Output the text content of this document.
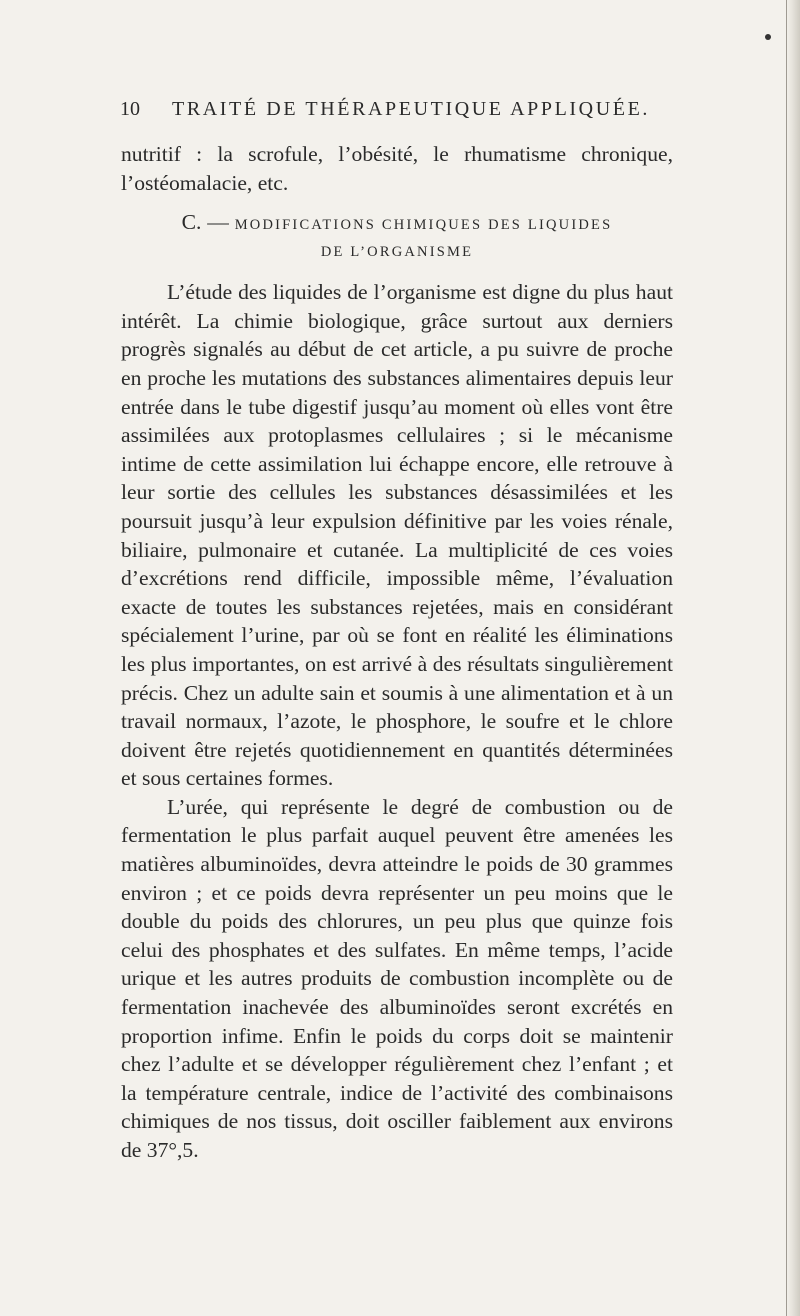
10 TRAITÉ DE THÉRAPEUTIQUE APPLIQUÉE.

nutritif : la scrofule, l’obésité, le rhumatisme chronique, l’ostéomalacie, etc.

C. — MODIFICATIONS CHIMIQUES DES LIQUIDES
DE L’ORGANISME

L’étude des liquides de l’organisme est digne du plus haut intérêt. La chimie biologique, grâce surtout aux derniers progrès signalés au début de cet article, a pu suivre de proche en proche les mutations des substances alimentaires depuis leur entrée dans le tube digestif jusqu’au moment où elles vont être assimilées aux protoplasmes cellulaires ; si le mécanisme intime de cette assimilation lui échappe encore, elle retrouve à leur sortie des cellules les substances désassimilées et les poursuit jusqu’à leur expulsion définitive par les voies rénale, biliaire, pulmonaire et cutanée. La multiplicité de ces voies d’excrétions rend difficile, impossible même, l’évaluation exacte de toutes les substances rejetées, mais en considérant spécialement l’urine, par où se font en réalité les éliminations les plus importantes, on est arrivé à des résultats singulièrement précis. Chez un adulte sain et soumis à une alimentation et à un travail normaux, l’azote, le phosphore, le soufre et le chlore doivent être rejetés quotidiennement en quantités déterminées et sous certaines formes.

L’urée, qui représente le degré de combustion ou de fermentation le plus parfait auquel peuvent être amenées les matières albuminoïdes, devra atteindre le poids de 30 grammes environ ; et ce poids devra représenter un peu moins que le double du poids des chlorures, un peu plus que quinze fois celui des phosphates et des sulfates. En même temps, l’acide urique et les autres produits de combustion incomplète ou de fermentation inachevée des albuminoïdes seront excrétés en proportion infime. Enfin le poids du corps doit se maintenir chez l’adulte et se développer régulièrement chez l’enfant ; et la température centrale, indice de l’activité des combinaisons chimiques de nos tissus, doit osciller faiblement aux environs de 37°,5.
